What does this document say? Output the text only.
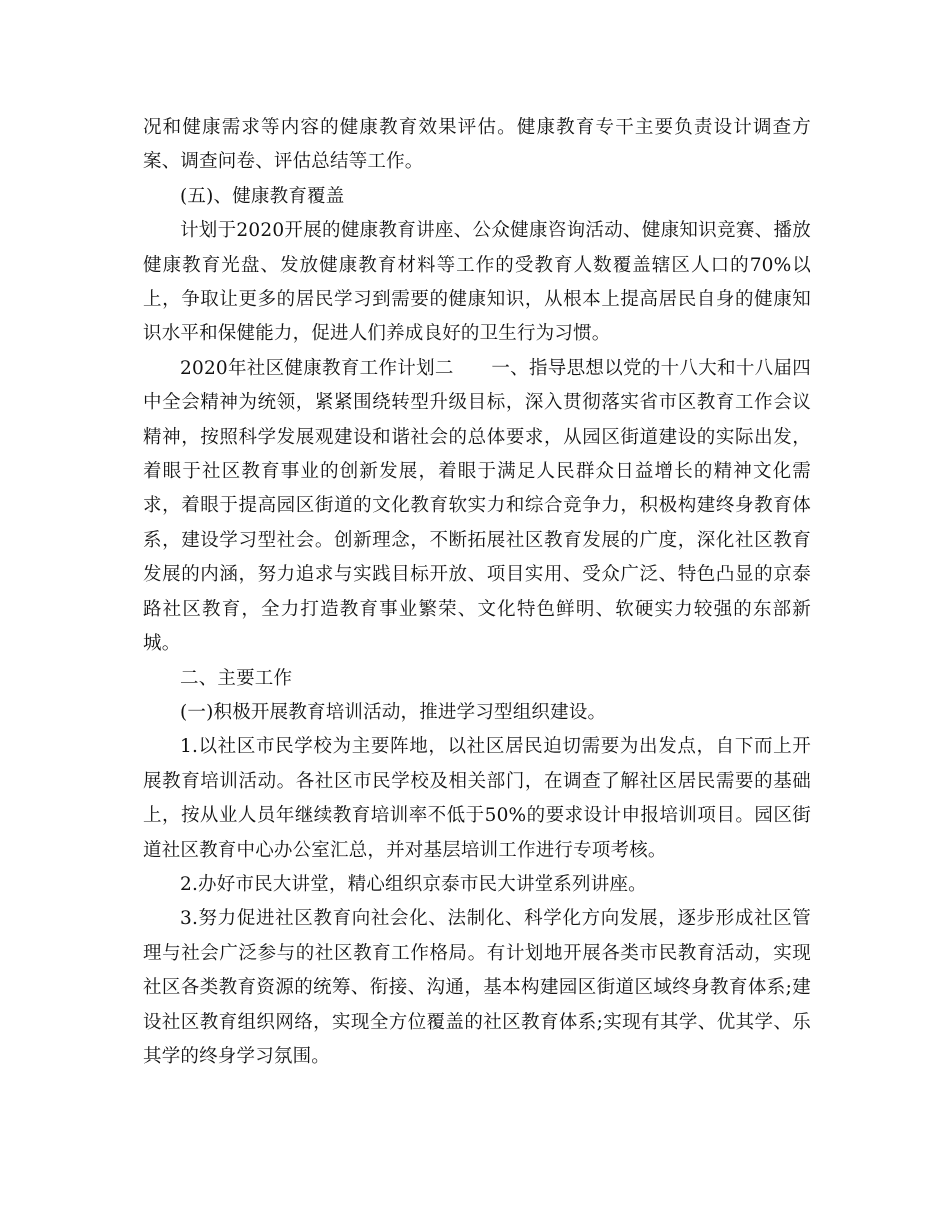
况和健康需求等内容的健康教育效果评估。健康教育专干主要负责设计调查方案、调查问卷、评估总结等工作。

(五)、健康教育覆盖

计划于2020开展的健康教育讲座、公众健康咨询活动、健康知识竞赛、播放健康教育光盘、发放健康教育材料等工作的受教育人数覆盖辖区人口的70%以上，争取让更多的居民学习到需要的健康知识，从根本上提高居民自身的健康知识水平和保健能力，促进人们养成良好的卫生行为习惯。

2020年社区健康教育工作计划二　　一、指导思想以党的十八大和十八届四中全会精神为统领，紧紧围绕转型升级目标，深入贯彻落实省市区教育工作会议精神，按照科学发展观建设和谐社会的总体要求，从园区街道建设的实际出发，着眼于社区教育事业的创新发展，着眼于满足人民群众日益增长的精神文化需求，着眼于提高园区街道的文化教育软实力和综合竞争力，积极构建终身教育体系，建设学习型社会。创新理念，不断拓展社区教育发展的广度，深化社区教育发展的内涵，努力追求与实践目标开放、项目实用、受众广泛、特色凸显的京泰路社区教育，全力打造教育事业繁荣、文化特色鲜明、软硬实力较强的东部新城。

二、主要工作

(一)积极开展教育培训活动，推进学习型组织建设。

1.以社区市民学校为主要阵地，以社区居民迫切需要为出发点，自下而上开展教育培训活动。各社区市民学校及相关部门，在调查了解社区居民需要的基础上，按从业人员年继续教育培训率不低于50%的要求设计申报培训项目。园区街道社区教育中心办公室汇总，并对基层培训工作进行专项考核。

2.办好市民大讲堂，精心组织京泰市民大讲堂系列讲座。

3.努力促进社区教育向社会化、法制化、科学化方向发展，逐步形成社区管理与社会广泛参与的社区教育工作格局。有计划地开展各类市民教育活动，实现社区各类教育资源的统筹、衔接、沟通，基本构建园区街道区域终身教育体系;建设社区教育组织网络，实现全方位覆盖的社区教育体系;实现有其学、优其学、乐其学的终身学习氛围。
